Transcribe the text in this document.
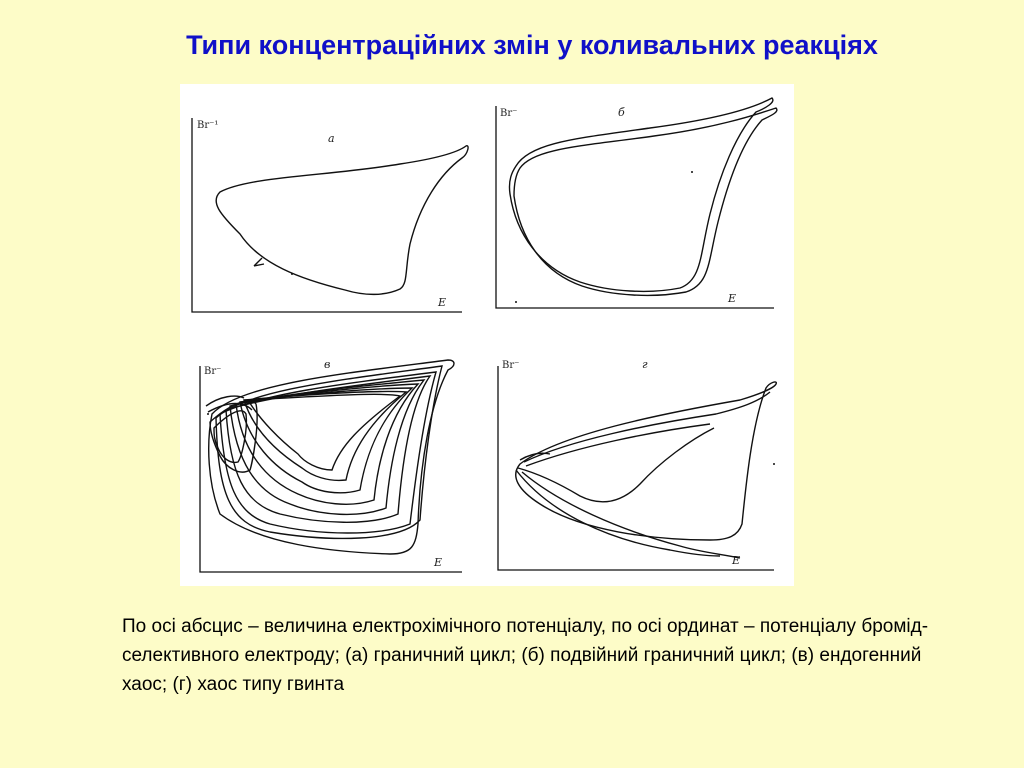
Типи концентраційних змін у коливальних реакціях
Br⁻¹
a
E
Br⁻	б
E
Br⁻
в
E
Br⁻	г
E
По осі абсцис – величина електрохімічного потенціалу, по осі ординат – потенціалу бромід-селективного електроду; (а) граничний цикл; (б) подвійний граничний цикл; (в) ендогенний хаос; (г) хаос типу гвинта
